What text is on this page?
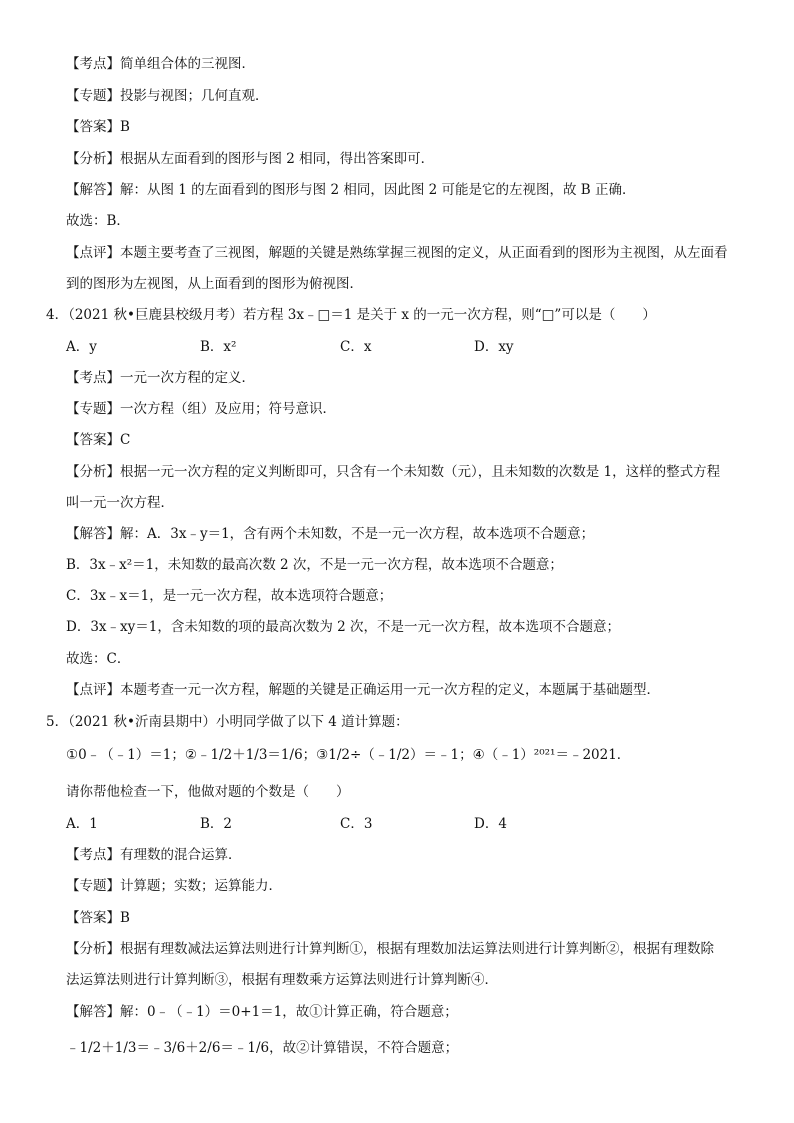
【考点】简单组合体的三视图．
【专题】投影与视图；几何直观．
【答案】B
【分析】根据从左面看到的图形与图 2 相同，得出答案即可．
【解答】解：从图 1 的左面看到的图形与图 2 相同，因此图 2 可能是它的左视图，故 B 正确．
故选：B．
【点评】本题主要考查了三视图，解题的关键是熟练掌握三视图的定义，从正面看到的图形为主视图，从左面看
到的图形为左视图，从上面看到的图形为俯视图．
4．（2021 秋•巨鹿县校级月考）若方程 3x﹣□＝1 是关于 x 的一元一次方程，则“□”可以是（　　）
A．y	B．x²	C．x	D．xy
【考点】一元一次方程的定义．
【专题】一次方程（组）及应用；符号意识．
【答案】C
【分析】根据一元一次方程的定义判断即可，只含有一个未知数（元），且未知数的次数是 1，这样的整式方程
叫一元一次方程．
【解答】解：A．3x﹣y＝1，含有两个未知数，不是一元一次方程，故本选项不合题意；
B．3x﹣x²＝1，未知数的最高次数 2 次，不是一元一次方程，故本选项不合题意；
C．3x﹣x＝1，是一元一次方程，故本选项符合题意；
D．3x﹣xy＝1，含未知数的项的最高次数为 2 次，不是一元一次方程，故本选项不合题意；
故选：C．
【点评】本题考查一元一次方程，解题的关键是正确运用一元一次方程的定义，本题属于基础题型．
5．（2021 秋•沂南县期中）小明同学做了以下 4 道计算题：
①0﹣（﹣1）＝1；②﹣1/2＋1/3＝1/6；③1/2÷（﹣1/2）＝﹣1；④（﹣1）²⁰²¹＝﹣2021．
请你帮他检查一下，他做对题的个数是（　　）
A．1	B．2	C．3	D．4
【考点】有理数的混合运算．
【专题】计算题；实数；运算能力．
【答案】B
【分析】根据有理数减法运算法则进行计算判断①，根据有理数加法运算法则进行计算判断②，根据有理数除
法运算法则进行计算判断③，根据有理数乘方运算法则进行计算判断④．
【解答】解：0﹣（﹣1）＝0+1＝1，故①计算正确，符合题意；
﹣1/2＋1/3＝﹣3/6＋2/6＝﹣1/6，故②计算错误，不符合题意；
